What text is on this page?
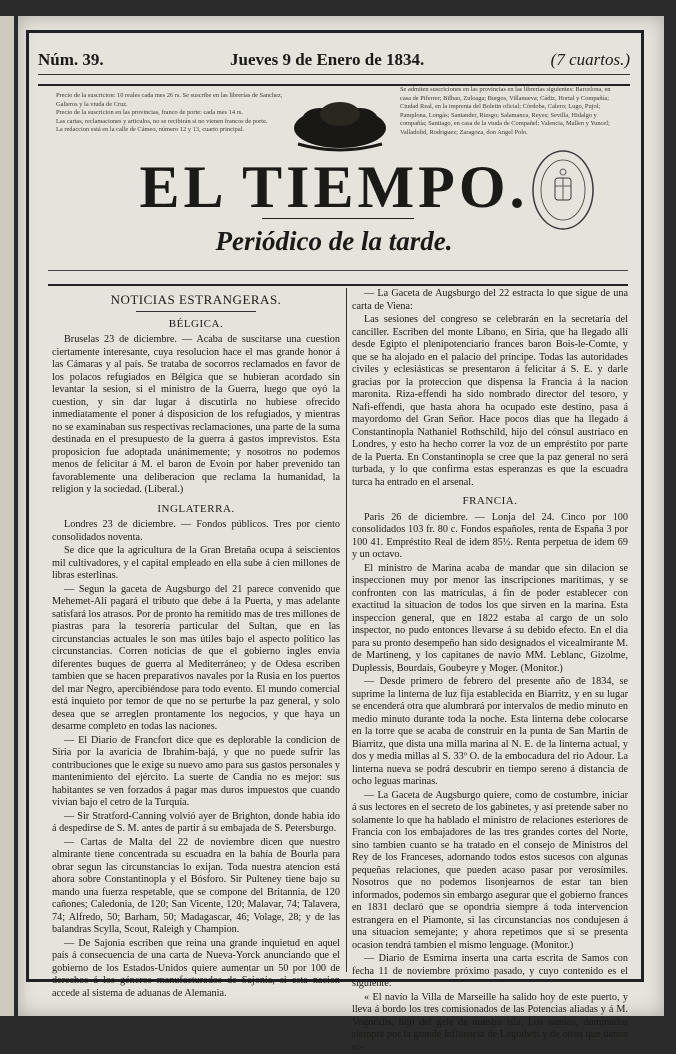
Núm. 39.	Jueves 9 de Enero de 1834.	(7 cuartos.)
Precio de la suscricion: 10 reales cada mes 26 rs. Se suscribe en las librerías de Sanchez, Galieros y la viuda de Cruz.
Precio de la suscricion en las provincias, franco de porte: cada mes 14 rs.
Las cartas, reclamaciones y articulos, no se recibirán si no vienen francos de porte.
La redaccion está en la calle de Cámeo, número 12 y 13, cuarto principal.
Se admiten suscriciones en las provincias en las librerías siguientes: Barcelona, en casa de Piferrer; Bilbao, Zuloaga; Burgos, Villanueva; Cádiz, Hortal y Compañía; Ciudad Real, en la imprenta del Boletin oficial; Córdoba, Calero; Lugo, Pujol; Pamplona, Longás; Santander, Riesgo; Salamanca, Reyes; Sevilla, Hidalgo y compañía; Santiago, en casa de la viuda de Compañel; Valencia, Mallen y Yuncel; Valladolid, Rodriguez; Zaragoza, don Angel Polo.
EL TIEMPO.
Periódico de la tarde.
NOTICIAS ESTRANGERAS.
BÉLGICA.

Bruselas 23 de diciembre. — Acaba de suscitarse una cuestion ciertamente interesante, cuya resolucion hace el mas grande honor á las Cámaras y al país. Se trataba de socorros reclamados en favor de los polacos refugiados en Bélgica que se hubieran acordado sin levantar la sesion, si el ministro de la Guerra, luego que oyó la cuestion, y sin dar lugar á discutirla no hubiese ofrecido inmediatamente el poner á disposicion de los refugiados, y mientras no se examinaban sus respectivas reclamaciones, una parte de la suma destinada en el presupuesto de la guerra á gastos imprevistos. Esta proposicion fue adoptada unánimemente; y nosotros no podemos menos de felicitar á M. el baron de Evoin por haber prevenido tan favorablemente una deliberacion que reclama la humanidad, la religion y la sociedad. (Liberal.)

INGLATERRA.

Londres 23 de diciembre. — Fondos públicos. Tres por ciento consolidados noventa.

Se dice que la agricultura de la Gran Bretaña ocupa á seiscientos mil cultivadores, y el capital empleado en ella sube á cien millones de libras esterlinas.

— Segun la gaceta de Augsburgo del 21 parece convenido que Mehemet-Alí pagará el tributo que debe á la Puerta, y mas adelante satisfará los atrasos. Por de pronto ha remitido mas de tres millones de piastras para la tesorería particular del Sultan, que en las circunstancias actuales le son mas útiles bajo el aspecto político las circunstancias. Corren noticias de que el gobierno ingles envia diferentes buques de guerra al Mediterráneo; y de Odesa escriben tambien que se hacen preparativos navales por la Rusia en los puertos del mar Negro, apercibiéndose para todo evento. El mundo comercial está inquieto por temor de que no se perturbe la paz general, y solo desea que se arreglen prontamente los negocios, y que haya un desarme completo en todas las naciones.

— El Diario de Francfort dice que es deplorable la condicion de Siria por la avaricia de Ibrahim-bajá, y que no puede sufrir las contribuciones que le exige su nuevo amo para sus gastos personales y mantenimiento del ejército. La suerte de Candia no es mejor: sus habitantes se ven forzados á pagar mas duros impuestos que cuando vivian bajo el cetro de la Turquía.

— Sir Stratford-Canning volvió ayer de Brighton, donde habia ido á despedirse de S. M. antes de partir á su embajada de S. Petersburgo.

— Cartas de Malta del 22 de noviembre dicen que nuestro almirante tiene concentrada su escuadra en la bahía de Bourla para obrar segun las circunstancias lo exijan. Toda nuestra atencion está ahora sobre Constantinopla y el Bósforo. Sir Pulteney tiene bajo su mando una fuerza respetable, que se compone del Britannia, de 120 cañones; Caledonia, de 120; San Vicente, 120; Malavar, 74; Talavera, 74; Alfredo, 50; Barham, 50; Madagascar, 46; Volage, 28; y de las balandras Scylla, Scout, Raleigh y Champion.

— De Sajonia escriben que reina una grande inquietud en aquel país á consecuencia de una carta de Nueva-Yorck anunciando que el gobierno de los Estados-Unidos quiere aumentar un 50 por 100 de derechos á los géneros manufacturados de Sajonia, si esta nacion accede al sistema de aduanas de Alemania.

— La Gaceta de Augsburgo del 22 estracta lo que sigue de una carta de Viena:

Las sesiones del congreso se celebrarán en la secretaría del canciller. Escriben del monte Líbano, en Siria, que ha llegado allí desde Egipto el plenipotenciario frances baron Bois-le-Comte, y que se ha alojado en el palacio del príncipe. Todas las autoridades civiles y eclesiásticas se presentaron á felicitar á S. E. y darle gracias por la proteccion que dispensa la Francia á la nacion maronita. Riza-effendi ha sido nombrado director del tesoro, y Nafi-effendi, que hasta ahora ha ocupado este destino, pasa á mayordomo del Gran Señor. Hace pocos dias que ha llegado á Constantinopla Nathaniel Rothschild, hijo del cónsul austriaco en Londres, y esto ha hecho correr la voz de un empréstito por parte de la Puerta. En Constantinopla se cree que la paz general no será turbada, y lo que confirma estas esperanzas es que la escuadra turca ha entrado en el arsenal.

FRANCIA.

Paris 26 de diciembre. — Lonja del 24. Cinco por 100 consolidados 103 fr. 80 c. Fondos españoles, renta de España 3 por 100 41. Empréstito Real de idem 85½. Renta perpetua de idem 69 y un octavo.

El ministro de Marina acaba de mandar que sin dilacion se inspeccionen muy por menor las inscripciones marítimas, y se confronten con las matrículas, á fin de poder establecer con exactitud la situacion de todos los que sirven en la marina. Esta inspeccion general, que en 1822 estaba al cargo de un solo inspector, no pudo entonces llevarse á su debido efecto. En el dia para su pronto desempeño han sido designados el vicealmirante M. de Martineng, y los capitanes de navío MM. Leblanc, Gizolme, Duplessis, Bourdais, Goubeyre y Moger. (Monitor.)

— Desde primero de febrero del presente año de 1834, se suprime la linterna de luz fija establecida en Biarritz, y en su lugar se encenderá otra que alumbrará por intervalos de medio minuto en medio minuto durante toda la noche. Esta linterna debe colocarse en la torre que se acaba de construir en la punta de San Martin de Biarritz, que dista una milla marina al N. E. de la linterna actual, y dos y media millas al S. 33º O. de la embocadura del rio Adour. La linterna nueva se podrá descubrir en tiempo sereno á distancia de ocho leguas marinas.

— La Gaceta de Augsburgo quiere, como de costumbre, iniciar á sus lectores en el secreto de los gabinetes, y así pretende saber no solamente lo que ha hablado el ministro de relaciones esteriores de Francia con los embajadores de las tres grandes cortes del Norte, sino tambien cuanto se ha tratado en el consejo de Ministros del Rey de los Franceses, adornando todos estos sucesos con algunas pequeñas relaciones, que pueden acaso pasar por verosímiles. Nosotros que no podemos lisonjearnos de estar tan bien informados, podemos sin embargo asegurar que el gobierno frances en 1831 declaró que se opondria siempre á toda intervencion estrangera en el Piamonte, si las circunstancias nos condujesen á una situacion semejante; y ahora repetimos que si se presenta ocasion tendrá tambien el mismo lenguage. (Monitor.)

— Diario de Esmirna inserta una carta escrita de Samos con fecha 11 de noviembre próximo pasado, y cuyo contenido es el siguiente:

« El navío la Villa de Marseille ha salido hoy de este puerto, y lleva á bordo los tres comisionados de las Potencias aliadas y á M. Vogoridis, hijo del gefe de nuestra isla. Los samios, dominados siempre por la grande influencia de Logotheti y de otros que tienen so-
